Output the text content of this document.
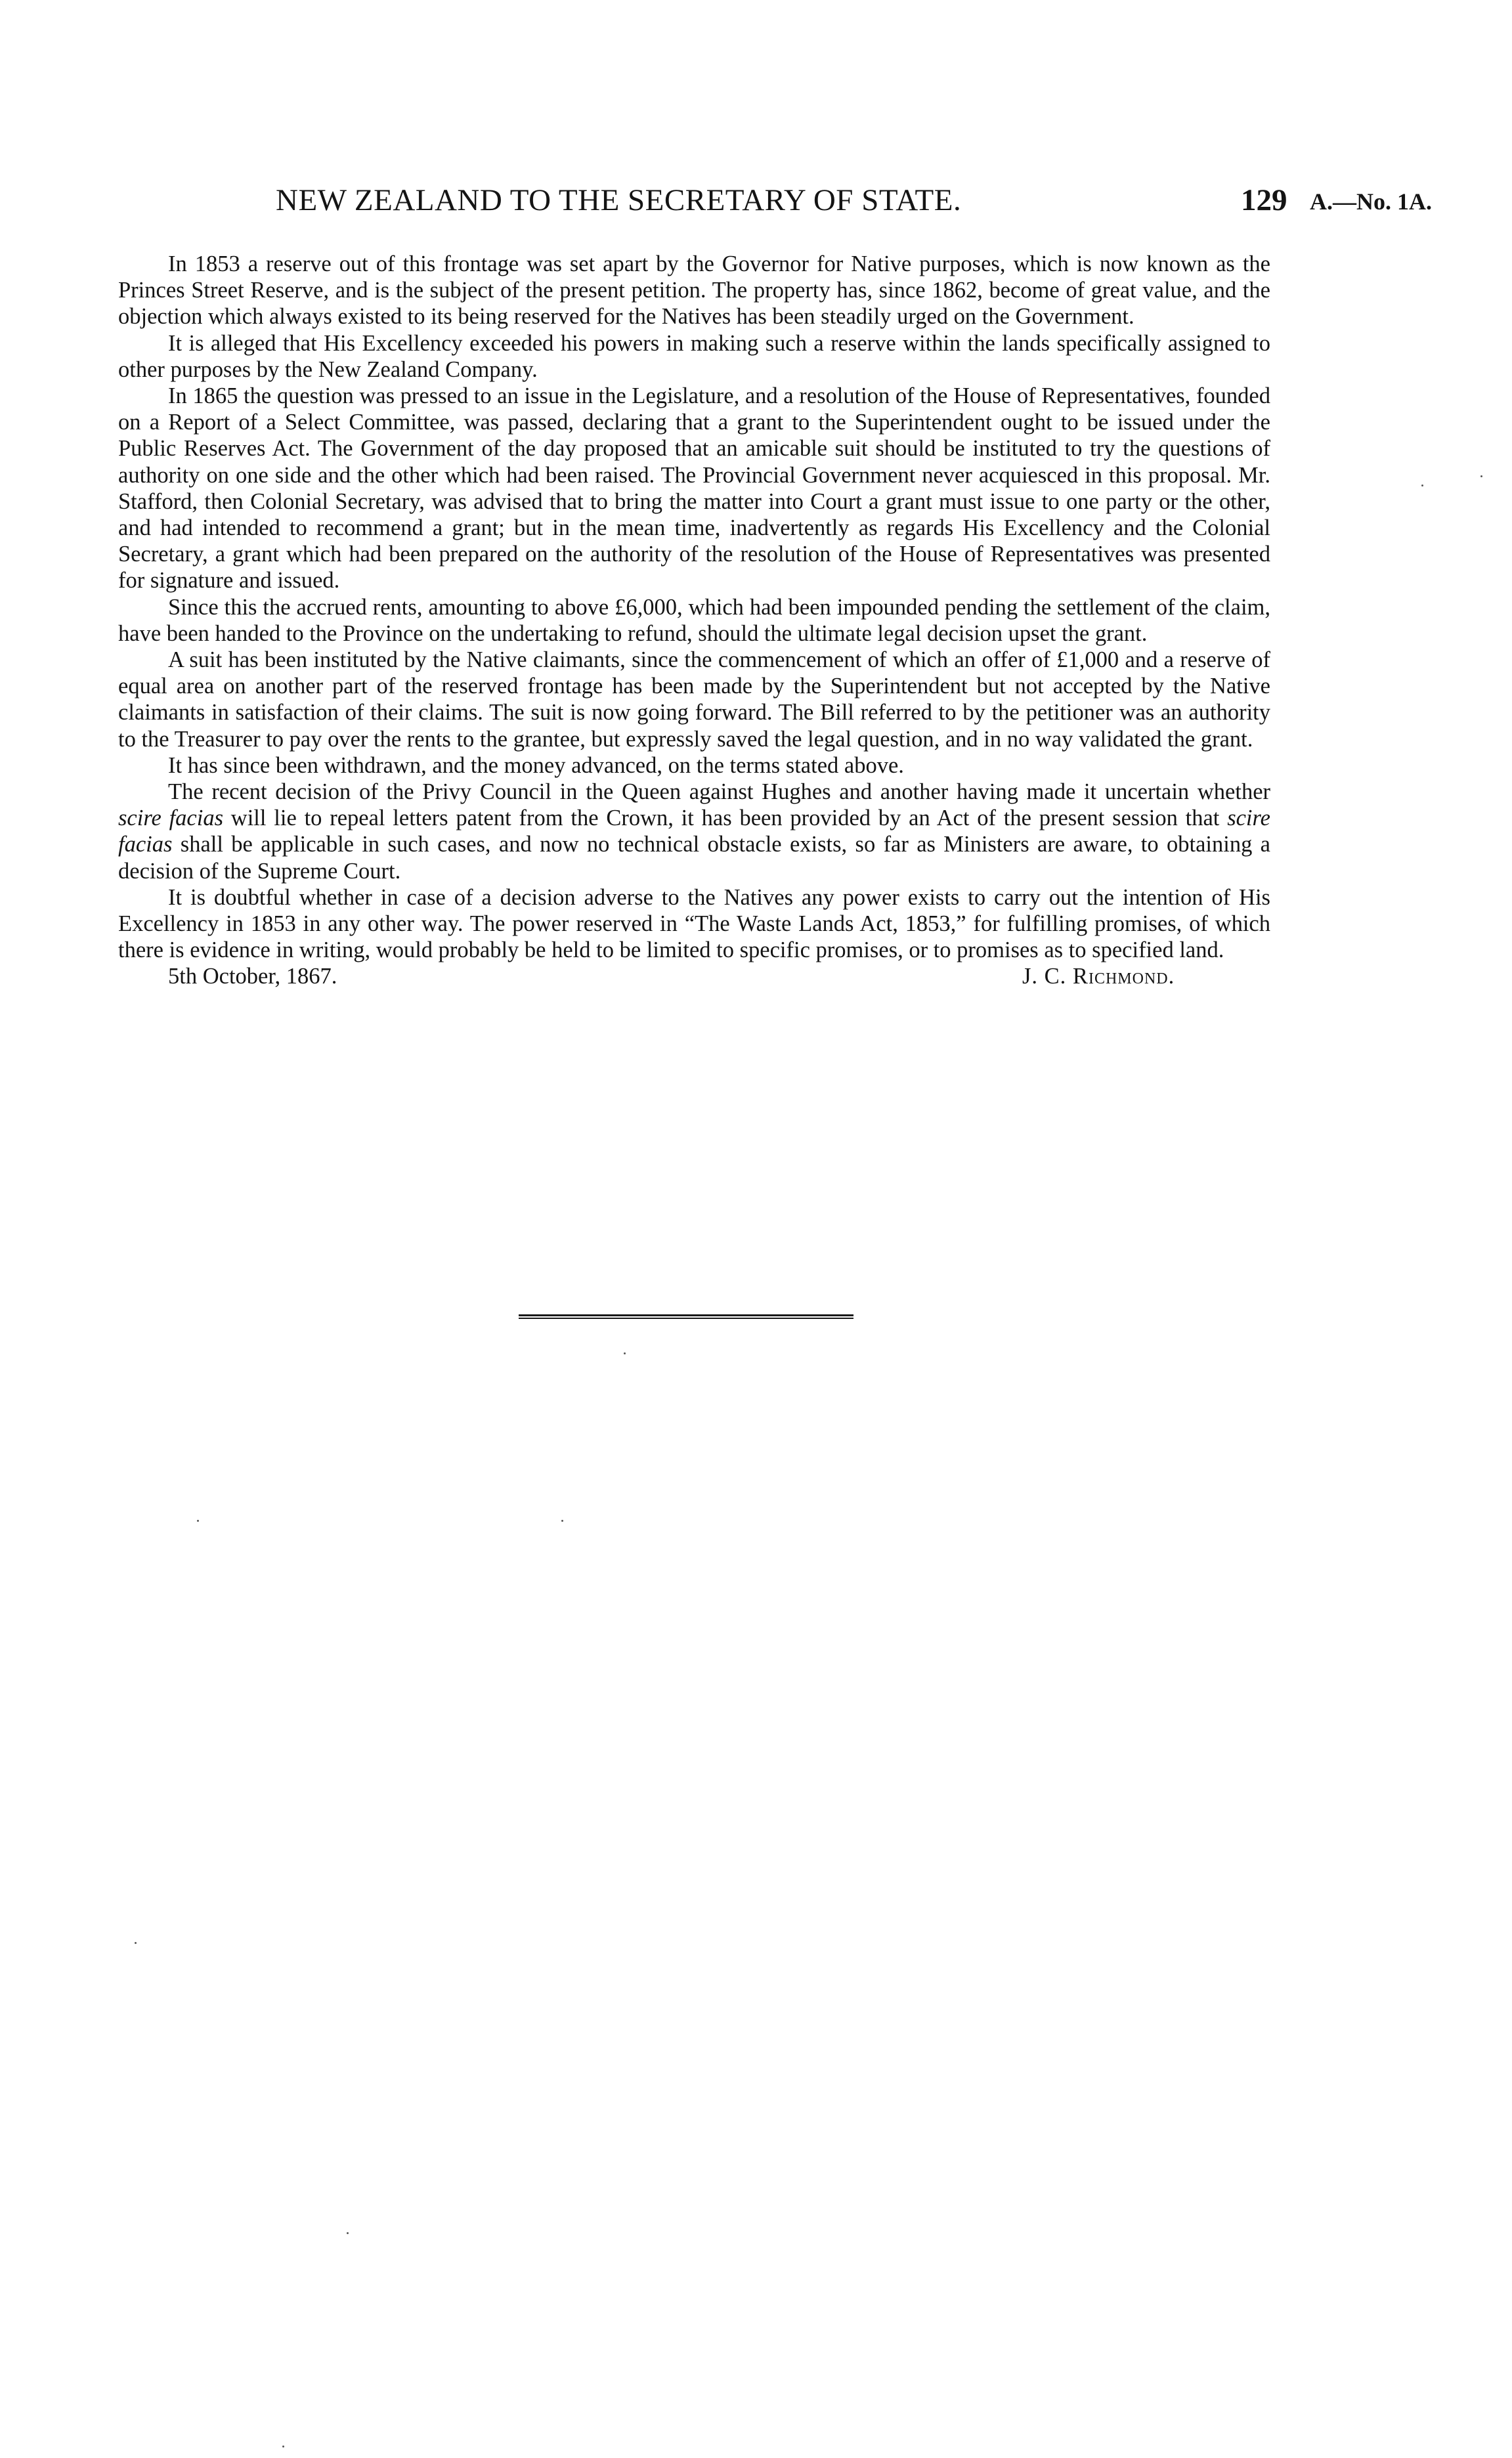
NEW ZEALAND TO THE SECRETARY OF STATE.	129 A.—No. 1A.

In 1853 a reserve out of this frontage was set apart by the Governor for Native purposes, which is now known as the Princes Street Reserve, and is the subject of the present petition. The property has, since 1862, become of great value, and the objection which always existed to its being reserved for the Natives has been steadily urged on the Government.

It is alleged that His Excellency exceeded his powers in making such a reserve within the lands specifically assigned to other purposes by the New Zealand Company.

In 1865 the question was pressed to an issue in the Legislature, and a resolution of the House of Representatives, founded on a Report of a Select Committee, was passed, declaring that a grant to the Superintendent ought to be issued under the Public Reserves Act. The Government of the day proposed that an amicable suit should be instituted to try the questions of authority on one side and the other which had been raised. The Provincial Government never acquiesced in this proposal. Mr. Stafford, then Colonial Secretary, was advised that to bring the matter into Court a grant must issue to one party or the other, and had intended to recommend a grant; but in the mean time, inadvertently as regards His Excellency and the Colonial Secretary, a grant which had been prepared on the authority of the resolution of the House of Representatives was presented for signature and issued.

Since this the accrued rents, amounting to above £6,000, which had been impounded pending the settlement of the claim, have been handed to the Province on the undertaking to refund, should the ultimate legal decision upset the grant.

A suit has been instituted by the Native claimants, since the commencement of which an offer of £1,000 and a reserve of equal area on another part of the reserved frontage has been made by the Superintendent but not accepted by the Native claimants in satisfaction of their claims. The suit is now going forward. The Bill referred to by the petitioner was an authority to the Treasurer to pay over the rents to the grantee, but expressly saved the legal question, and in no way validated the grant.

It has since been withdrawn, and the money advanced, on the terms stated above.

The recent decision of the Privy Council in the Queen against Hughes and another having made it uncertain whether scire facias will lie to repeal letters patent from the Crown, it has been provided by an Act of the present session that scire facias shall be applicable in such cases, and now no technical obstacle exists, so far as Ministers are aware, to obtaining a decision of the Supreme Court.

It is doubtful whether in case of a decision adverse to the Natives any power exists to carry out the intention of His Excellency in 1853 in any other way. The power reserved in “The Waste Lands Act, 1853,” for fulfilling promises, of which there is evidence in writing, would probably be held to be limited to specific promises, or to promises as to specified land.

5th October, 1867.	J. C. Richmond.
